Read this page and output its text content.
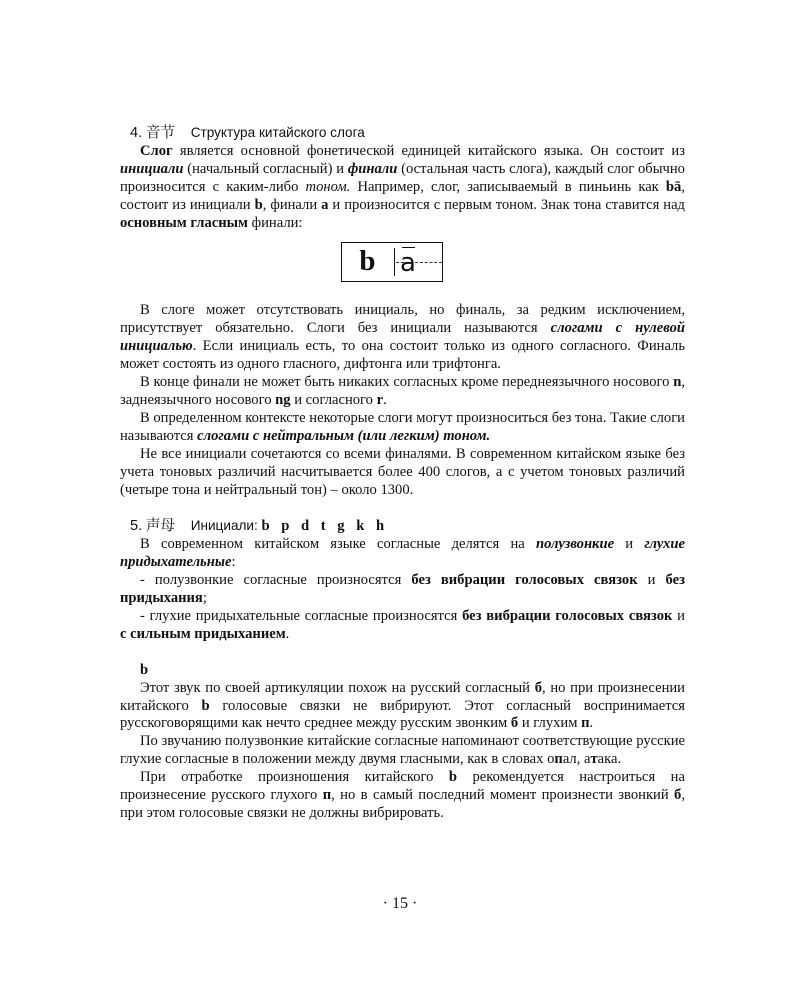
4. 音节 Структура китайского слога

Слог является основной фонетической единицей китайского языка. Он состоит из инициали (начальный согласный) и финали (остальная часть слога), каждый слог обычно произносится с каким-либо тоном. Например, слог, записываемый в пиньинь как bā, состоит из инициали b, финали a и произносится с первым тоном. Знак тона ставится над основным гласным финали:

b a

В слоге может отсутствовать инициаль, но финаль, за редким исключением, присутствует обязательно. Слоги без инициали называются слогами с нулевой инициалью. Если инициаль есть, то она состоит только из одного согласного. Финаль может состоять из одного гласного, дифтонга или трифтонга.

В конце финали не может быть никаких согласных кроме переднеязычного носового n, заднеязычного носового ng и согласного r.

В определенном контексте некоторые слоги могут произноситься без тона. Такие слоги называются слогами с нейтральным (или легким) тоном.

Не все инициали сочетаются со всеми финалями. В современном китайском языке без учета тоновых различий насчитывается более 400 слогов, а с учетом тоновых различий (четыре тона и нейтральный тон) – около 1300.

5. 声母 Инициали: b p d t g k h

В современном китайском языке согласные делятся на полузвонкие и глухие придыхательные:

- полузвонкие согласные произносятся без вибрации голосовых связок и без придыхания;

- глухие придыхательные согласные произносятся без вибрации голосовых связок и с сильным придыханием.

b

Этот звук по своей артикуляции похож на русский согласный б, но при произнесении китайского b голосовые связки не вибрируют. Этот согласный воспринимается русскоговорящими как нечто среднее между русским звонким б и глухим п.

По звучанию полузвонкие китайские согласные напоминают соответствующие русские глухие согласные в положении между двумя гласными, как в словах опал, атака.

При отработке произношения китайского b рекомендуется настроиться на произнесение русского глухого п, но в самый последний момент произнести звонкий б, при этом голосовые связки не должны вибрировать.

· 15 ·
